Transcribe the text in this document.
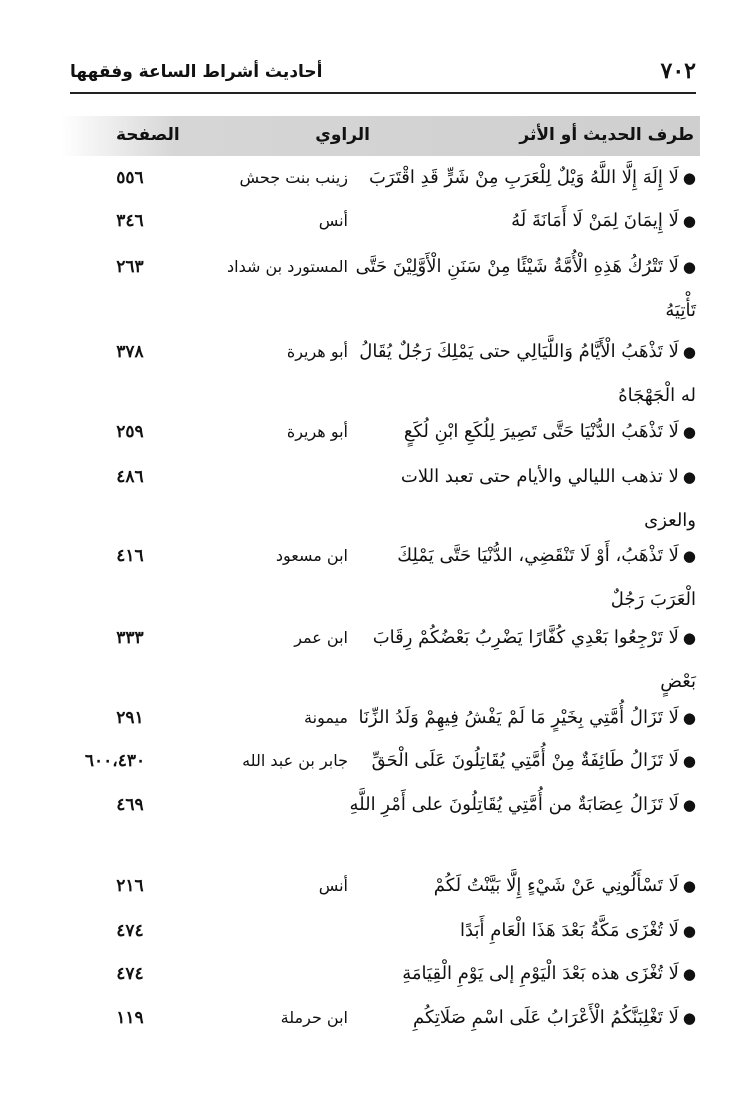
٧٠٢
أحاديث أشراط الساعة وفقهها
طرف الحديث أو الأثر
الراوي
الصفحة
●لَا إِلَهَ إِلَّا اللَّهُ وَيْلٌ لِلْعَرَبِ مِنْ شَرٍّ قَدِ اقْتَرَبَ
زينب بنت جحش
٥٥٦
●لَا إِيمَانَ لِمَنْ لَا أَمَانَةَ لَهُ
أنس
٣٤٦
●لَا تَتْرُكُ هَذِهِ الْأُمَّةُ شَيْئًا مِنْ سَنَنِ الْأَوَّلِيْنَ حَتَّى تَأْتِيَهُ
المستورد بن شداد
٢٦٣
●لَا تَذْهَبُ الْأَيَّامُ وَاللَّيَالِي حتى يَمْلِكَ رَجُلٌ يُقَالُ له الْجَهْجَاهُ
أبو هريرة
٣٧٨
●لَا تَذْهَبُ الدُّنْيَا حَتَّى تَصِيرَ لِلُكَعِ ابْنِ لُكَعٍ
أبو هريرة
٢٥٩
●لا تذهب الليالي والأيام حتى تعبد اللات والعزى
٤٨٦
●لَا تَذْهَبُ، أَوْ لَا تَنْقَضِي، الدُّنْيَا حَتَّى يَمْلِكَ الْعَرَبَ رَجُلٌ
ابن مسعود
٤١٦
●لَا تَرْجِعُوا بَعْدِي كُفَّارًا يَضْرِبُ بَعْضُكُمْ رِقَابَ بَعْضٍ
ابن عمر
٣٣٣
●لَا تَزَالُ أُمَّتِي بِخَيْرٍ مَا لَمْ يَفْشُ فِيهِمْ وَلَدُ الزِّنَا
ميمونة
٢٩١
●لَا تَزَالُ طَائِفَةٌ مِنْ أُمَّتِي يُقَاتِلُونَ عَلَى الْحَقِّ
جابر بن عبد الله
٦٠٠،٤٣٠
●لَا تَزَالُ عِصَابَةٌ من أُمَّتِي يُقَاتِلُونَ على أَمْرِ اللَّهِ
٤٦٩
●لَا تَسْأَلُونِي عَنْ شَيْءٍ إِلَّا بَيَّنْتُ لَكُمْ
أنس
٢١٦
●لَا تُغْزَى مَكَّةُ بَعْدَ هَذَا الْعَامِ أَبَدًا
٤٧٤
●لَا تُغْزَى هذه بَعْدَ الْيَوْمِ إلى يَوْمِ الْقِيَامَةِ
٤٧٤
●لَا تَغْلِبَنَّكُمُ الْأَعْرَابُ عَلَى اسْمِ صَلَاتِكُمِ
ابن حرملة
١١٩
